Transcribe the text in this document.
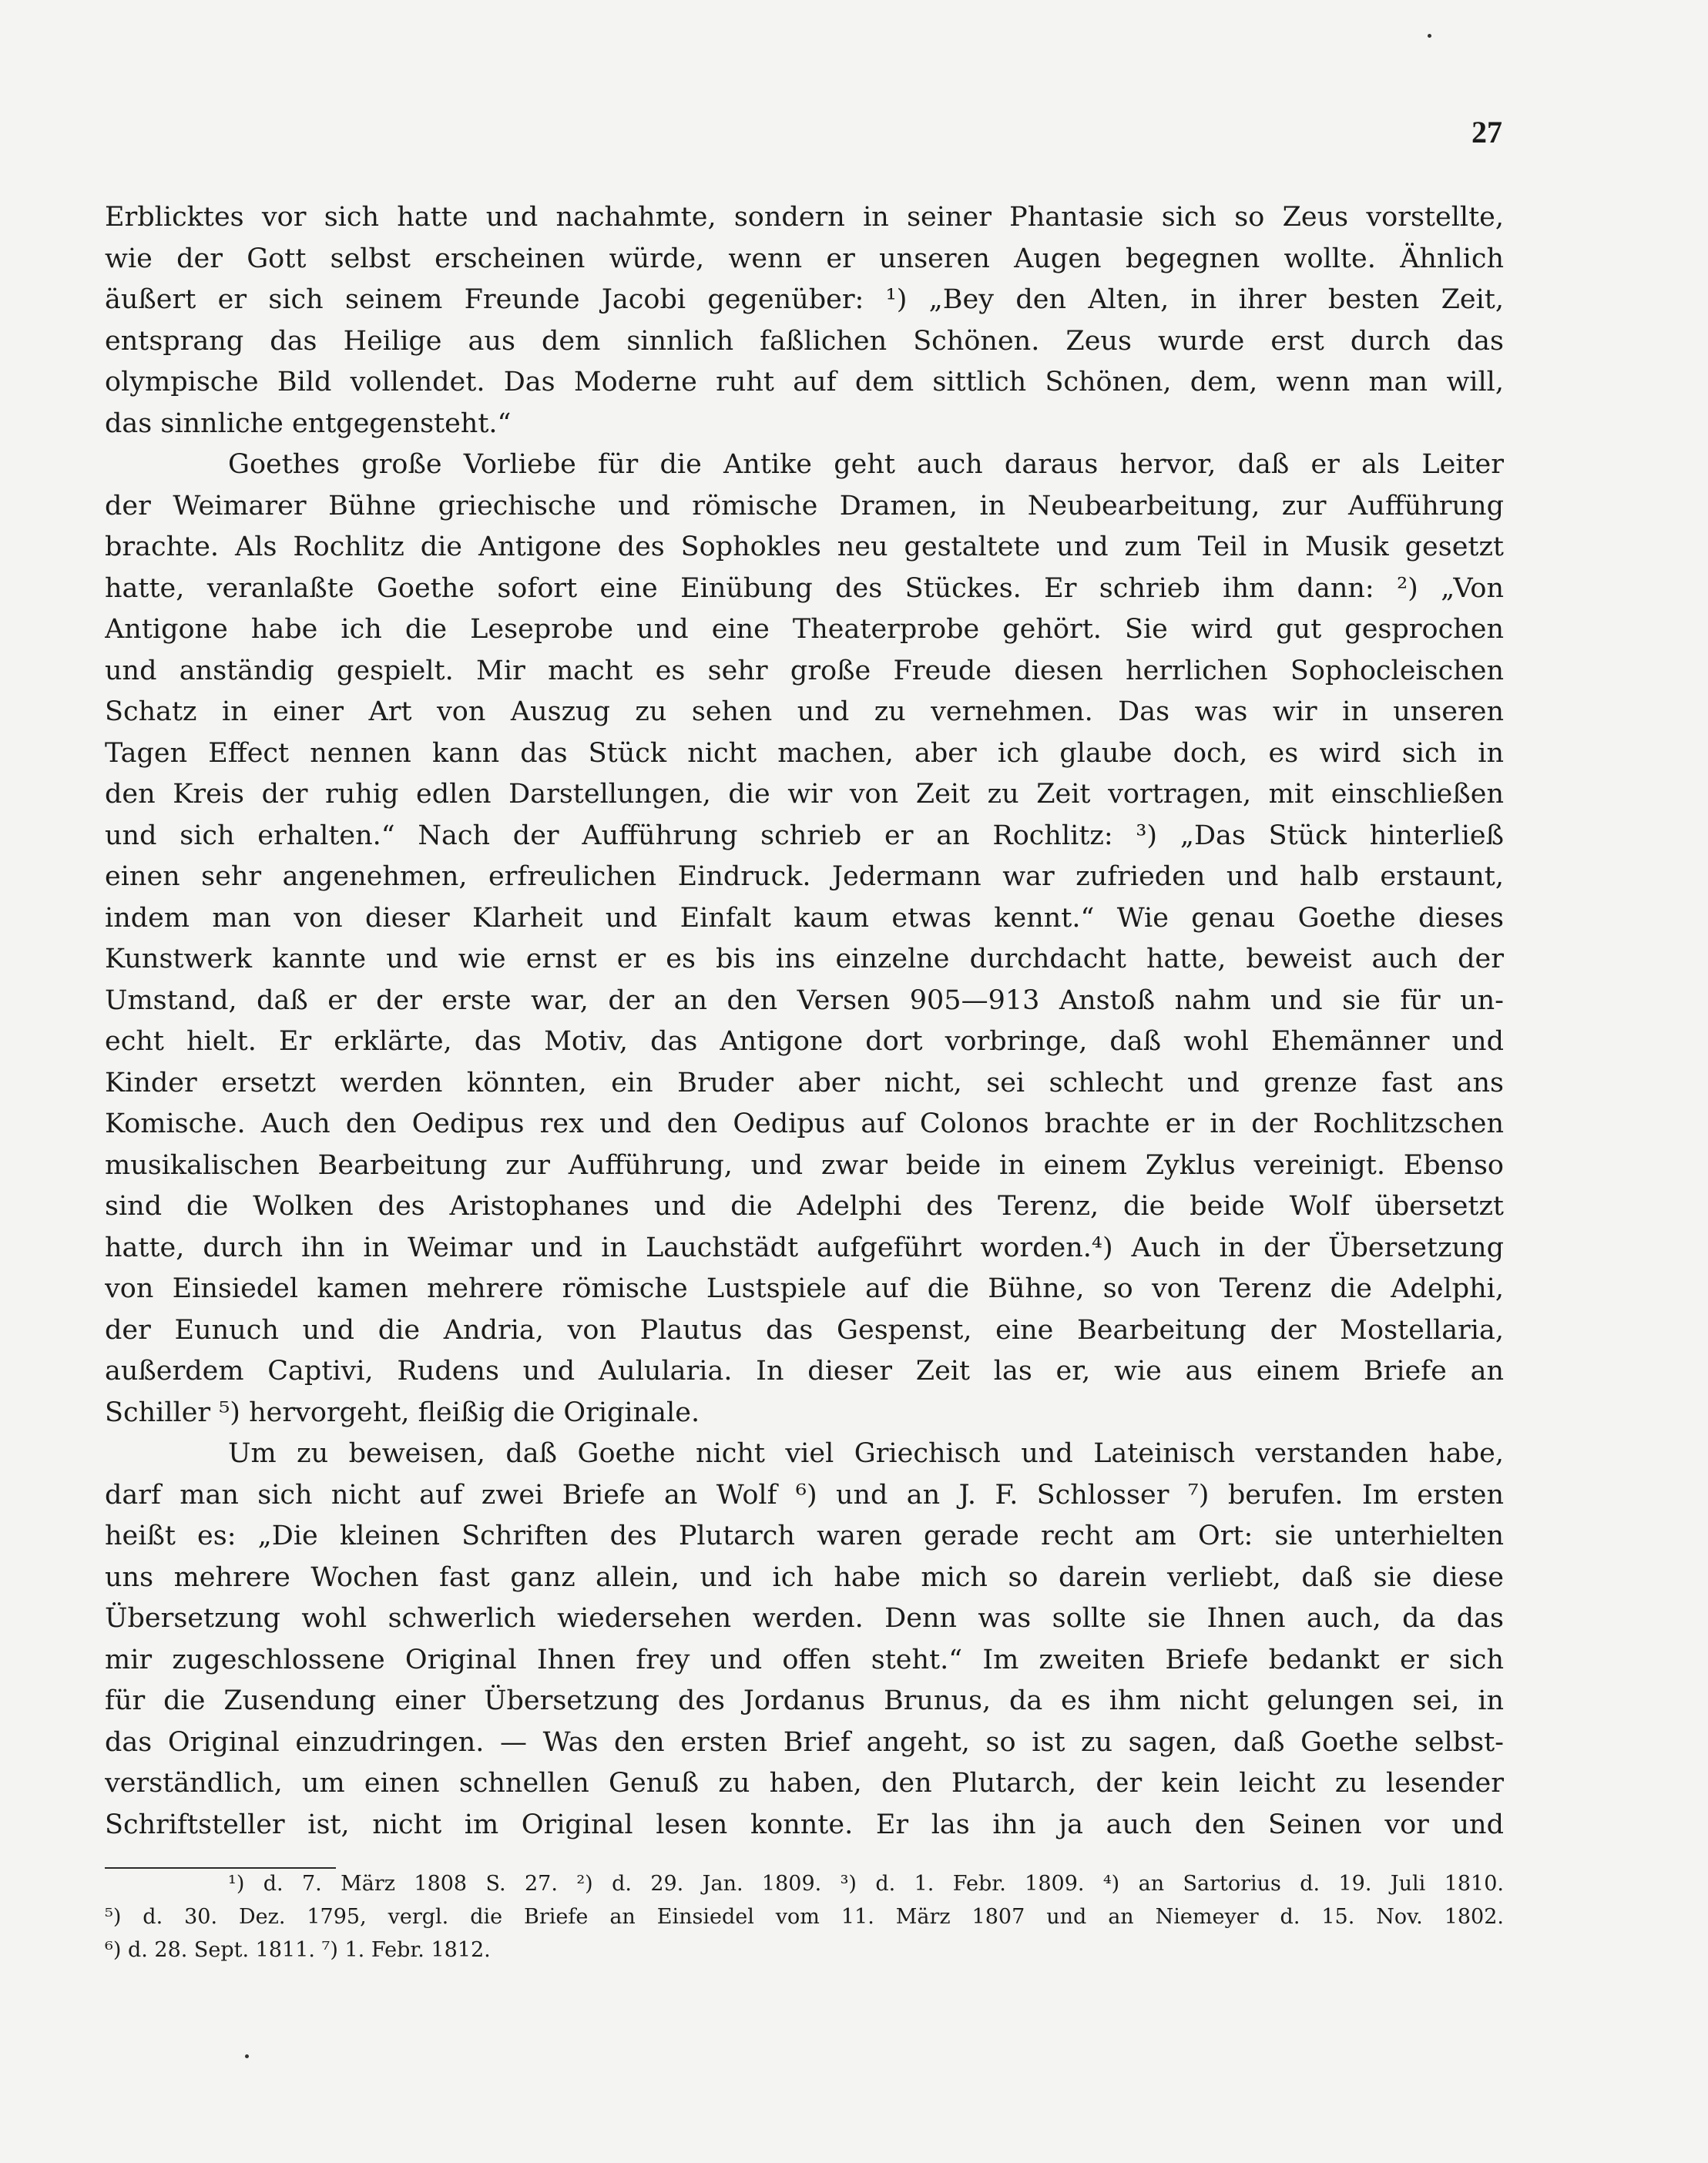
27
Erblicktes vor sich hatte und nachahmte, sondern in seiner Phantasie sich so Zeus vorstellte,
wie der Gott selbst erscheinen würde, wenn er unseren Augen begegnen wollte. Ähnlich
äußert er sich seinem Freunde Jacobi gegenüber: ¹) „Bey den Alten, in ihrer besten Zeit,
entsprang das Heilige aus dem sinnlich faßlichen Schönen. Zeus wurde erst durch das
olympische Bild vollendet. Das Moderne ruht auf dem sittlich Schönen, dem, wenn man will,
das sinnliche entgegensteht.“
Goethes große Vorliebe für die Antike geht auch daraus hervor, daß er als Leiter
der Weimarer Bühne griechische und römische Dramen, in Neubearbeitung, zur Aufführung
brachte. Als Rochlitz die Antigone des Sophokles neu gestaltete und zum Teil in Musik gesetzt
hatte, veranlaßte Goethe sofort eine Einübung des Stückes. Er schrieb ihm dann: ²) „Von
Antigone habe ich die Leseprobe und eine Theaterprobe gehört. Sie wird gut gesprochen
und anständig gespielt. Mir macht es sehr große Freude diesen herrlichen Sophocleischen
Schatz in einer Art von Auszug zu sehen und zu vernehmen. Das was wir in unseren
Tagen Effect nennen kann das Stück nicht machen, aber ich glaube doch, es wird sich in
den Kreis der ruhig edlen Darstellungen, die wir von Zeit zu Zeit vortragen, mit einschließen
und sich erhalten.“ Nach der Aufführung schrieb er an Rochlitz: ³) „Das Stück hinterließ
einen sehr angenehmen, erfreulichen Eindruck. Jedermann war zufrieden und halb erstaunt,
indem man von dieser Klarheit und Einfalt kaum etwas kennt.“ Wie genau Goethe dieses
Kunstwerk kannte und wie ernst er es bis ins einzelne durchdacht hatte, beweist auch der
Umstand, daß er der erste war, der an den Versen 905—913 Anstoß nahm und sie für un-
echt hielt. Er erklärte, das Motiv, das Antigone dort vorbringe, daß wohl Ehemänner und
Kinder ersetzt werden könnten, ein Bruder aber nicht, sei schlecht und grenze fast ans
Komische. Auch den Oedipus rex und den Oedipus auf Colonos brachte er in der Rochlitzschen
musikalischen Bearbeitung zur Aufführung, und zwar beide in einem Zyklus vereinigt. Ebenso
sind die Wolken des Aristophanes und die Adelphi des Terenz, die beide Wolf übersetzt
hatte, durch ihn in Weimar und in Lauchstädt aufgeführt worden.⁴) Auch in der Übersetzung
von Einsiedel kamen mehrere römische Lustspiele auf die Bühne, so von Terenz die Adelphi,
der Eunuch und die Andria, von Plautus das Gespenst, eine Bearbeitung der Mostellaria,
außerdem Captivi, Rudens und Aulularia. In dieser Zeit las er, wie aus einem Briefe an
Schiller ⁵) hervorgeht, fleißig die Originale.
Um zu beweisen, daß Goethe nicht viel Griechisch und Lateinisch verstanden habe,
darf man sich nicht auf zwei Briefe an Wolf ⁶) und an J. F. Schlosser ⁷) berufen. Im ersten
heißt es: „Die kleinen Schriften des Plutarch waren gerade recht am Ort: sie unterhielten
uns mehrere Wochen fast ganz allein, und ich habe mich so darein verliebt, daß sie diese
Übersetzung wohl schwerlich wiedersehen werden. Denn was sollte sie Ihnen auch, da das
mir zugeschlossene Original Ihnen frey und offen steht.“ Im zweiten Briefe bedankt er sich
für die Zusendung einer Übersetzung des Jordanus Brunus, da es ihm nicht gelungen sei, in
das Original einzudringen. — Was den ersten Brief angeht, so ist zu sagen, daß Goethe selbst-
verständlich, um einen schnellen Genuß zu haben, den Plutarch, der kein leicht zu lesender
Schriftsteller ist, nicht im Original lesen konnte. Er las ihn ja auch den Seinen vor und
¹) d. 7. März 1808 S. 27. ²) d. 29. Jan. 1809. ³) d. 1. Febr. 1809. ⁴) an Sartorius d. 19. Juli 1810.
⁵) d. 30. Dez. 1795, vergl. die Briefe an Einsiedel vom 11. März 1807 und an Niemeyer d. 15. Nov. 1802.
⁶) d. 28. Sept. 1811. ⁷) 1. Febr. 1812.
